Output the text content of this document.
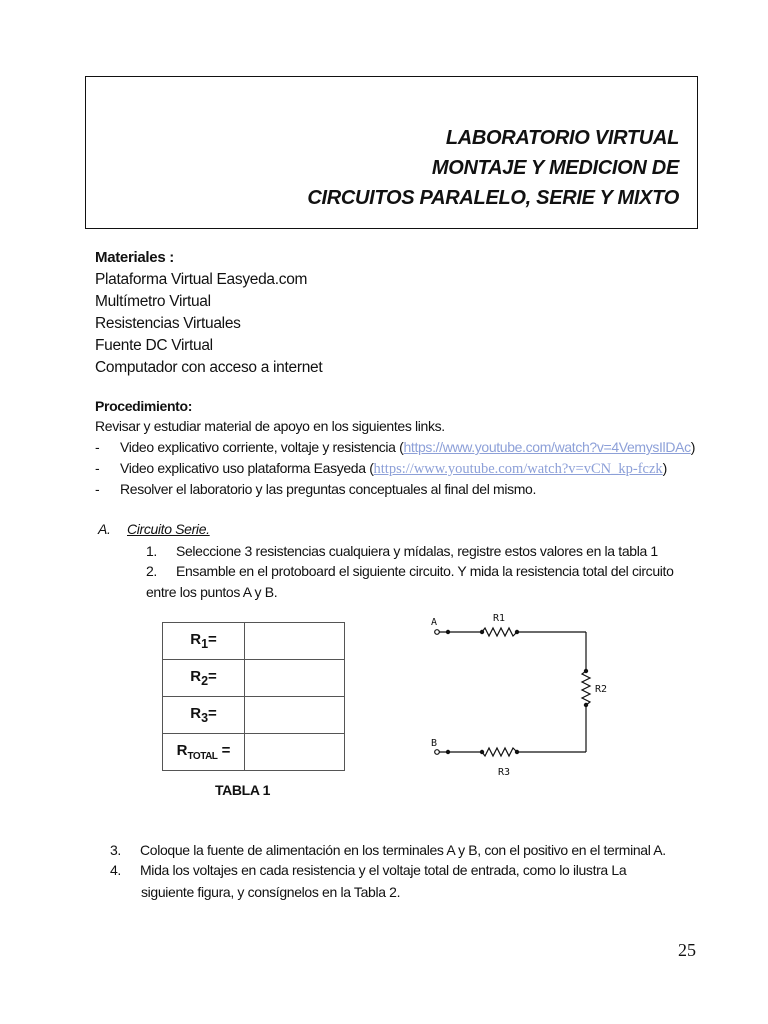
LABORATORIO VIRTUAL
MONTAJE Y MEDICION DE
CIRCUITOS PARALELO, SERIE Y MIXTO
Materiales :
Plataforma Virtual Easyeda.com
Multímetro Virtual
Resistencias Virtuales
Fuente DC Virtual
Computador con acceso a internet
Procedimiento:
Revisar y estudiar material de apoyo en los siguientes links.
- Video explicativo corriente, voltaje y resistencia (https://www.youtube.com/watch?v=4VemysIlDAc)
- Video explicativo uso plataforma Easyeda (https://www.youtube.com/watch?v=vCN_kp-fczk)
- Resolver el laboratorio y las preguntas conceptuales al final del mismo.
A. Circuito Serie.
1. Seleccione 3 resistencias cualquiera y mídalas, registre estos valores en la tabla 1
2. Ensamble en el protoboard el siguiente circuito. Y mida la resistencia total del circuito
entre los puntos A y B.
$R_1=$	
$R_2=$	
$R_3=$	
$R_{TOTAL}$ =	
TABLA 1
A
B
R1
R2
R3
3. Coloque la fuente de alimentación en los terminales A y B, con el positivo en el terminal A.
4. Mida los voltajes en cada resistencia y el voltaje total de entrada, como lo ilustra La
siguiente figura, y consígnelos en la Tabla 2.
25
